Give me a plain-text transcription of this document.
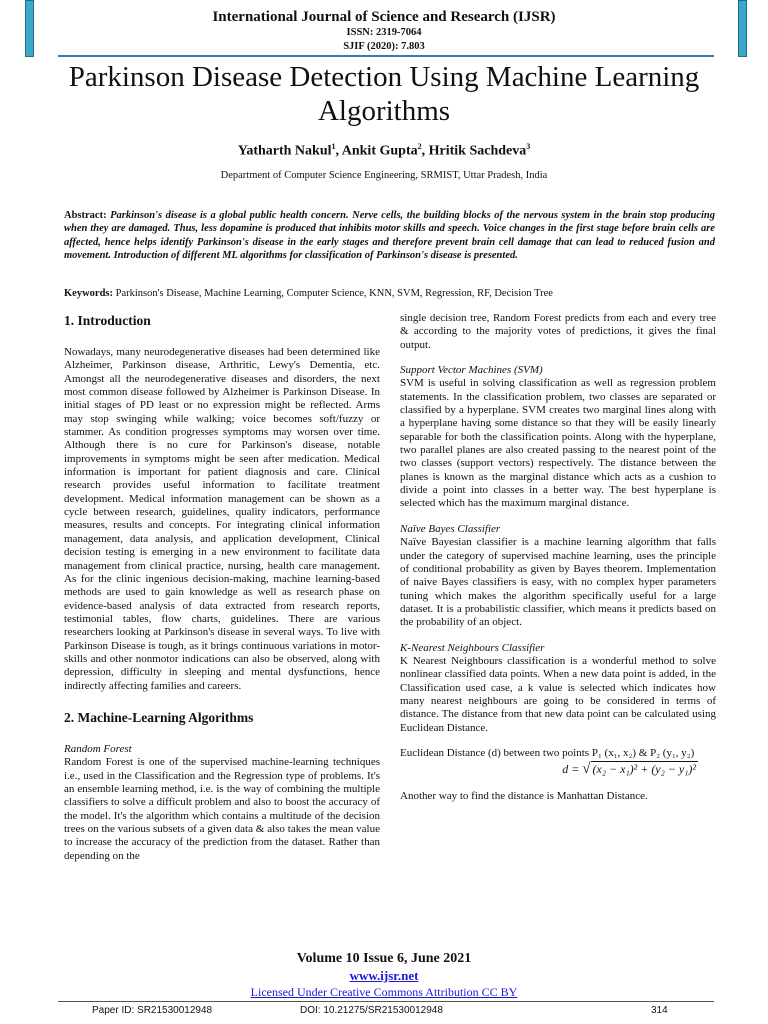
International Journal of Science and Research (IJSR)
ISSN: 2319-7064
SJIF (2020): 7.803
Parkinson Disease Detection Using Machine Learning Algorithms
Yatharth Nakul$^1$, Ankit Gupta$^2$, Hritik Sachdeva$^3$
Department of Computer Science Engineering, SRMIST, Uttar Pradesh, India
Abstract: Parkinson's disease is a global public health concern. Nerve cells, the building blocks of the nervous system in the brain stop producing when they are damaged. Thus, less dopamine is produced that inhibits motor skills and speech. Voice changes in the first stage before brain cells are affected, hence helps identify Parkinson's disease in the early stages and therefore prevent brain cell damage that can lead to reduced fusion and movement. Introduction of different ML algorithms for classification of Parkinson's disease is presented.
Keywords: Parkinson's Disease, Machine Learning, Computer Science, KNN, SVM, Regression, RF, Decision Tree
1. Introduction

Nowadays, many neurodegenerative diseases had been determined like Alzheimer, Parkinson disease, Arthritic, Lewy's Dementia, etc. Amongst all the neurodegenerative diseases and disorders, the next most common disease followed by Alzheimer is Parkinson Disease. In initial stages of PD least or no expression might be reflected. Arms may stop swinging while walking; voice becomes soft/fuzzy or stammer. As condition progresses symptoms may worsen over time. Although there is no cure for Parkinson's disease, notable improvements in symptoms might be seen after medication. Medical information is important for patient diagnosis and care. Clinical research provides useful information to facilitate treatment development. Medical information management can be shown as a cycle between research, guidelines, quality indicators, performance measures, results and concepts. For integrating clinical information management, data analysis, and application development, Clinical decision testing is emerging in a new environment to facilitate data management from clinical practice, nursing, health care management. As for the clinic ingenious decision-making, machine learning-based methods are used to gain knowledge as well as research phase on evidence-based analysis of data extracted from research reports, testimonial tables, flow charts, guidelines. There are various researchers looking at Parkinson's disease in several ways. To live with Parkinson Disease is tough, as it brings continuous variations in motor-skills and other nonmotor indications can also be observed, along with depression, difficulty in sleeping and mental dysfunctions, hence indirectly affecting families and careers.

2. Machine-Learning Algorithms

Random Forest

Random Forest is one of the supervised machine-learning techniques i.e., used in the Classification and the Regression type of problems. It's an ensemble learning method, i.e. is the way of combining the multiple classifiers to solve a difficult problem and also to boost the accuracy of the model. It's the algorithm which contains a multitude of the decision trees on the various subsets of a given data & also takes the mean value to increase the accuracy of the prediction from the dataset. Rather than depending on the

single decision tree, Random Forest predicts from each and every tree & according to the majority votes of predictions, it gives the final output.

Support Vector Machines (SVM)

SVM is useful in solving classification as well as regression problem statements. In the classification problem, two classes are separated or classified by a hyperplane. SVM creates two marginal lines along with a hyperplane having some distance so that they will be easily linearly separable for both the classification points. Along with the hyperplane, two parallel planes are also created passing to the nearest point of the two classes (support vectors) respectively. The distance between the planes is known as the marginal distance which acts as a cushion to divide a point into classes in a better way. The best hyperplane is selected which has the maximum marginal distance.

Naïve Bayes Classifier

Naïve Bayesian classifier is a machine learning algorithm that falls under the category of supervised machine learning, uses the principle of conditional probability as given by Bayes theorem. Implementation of naive Bayes classifiers is easy, with no complex hyper parameters tuning which makes the algorithm specifically useful for a large dataset. It is a probabilistic classifier, which means it predicts based on the probability of an object.

K-Nearest Neighbours Classifier

K Nearest Neighbours classification is a wonderful method to solve nonlinear classified data points. When a new data point is added, in the Classification used case, a k value is selected which indicates how many nearest neighbours are going to be considered in terms of distance. The distance from that new data point can be calculated using Euclidean Distance.

Euclidean Distance (d) between two points P₁ (x₁, x₂) & P₂ (y₁, y₂)

d = √ (x₂ − x₁)² + (y₂ − y₁)²

Another way to find the distance is Manhattan Distance.

Volume 10 Issue 6, June 2021
www.ijsr.net
Licensed Under Creative Commons Attribution CC BY
Paper ID: SR21530012948	DOI: 10.21275/SR21530012948	314
